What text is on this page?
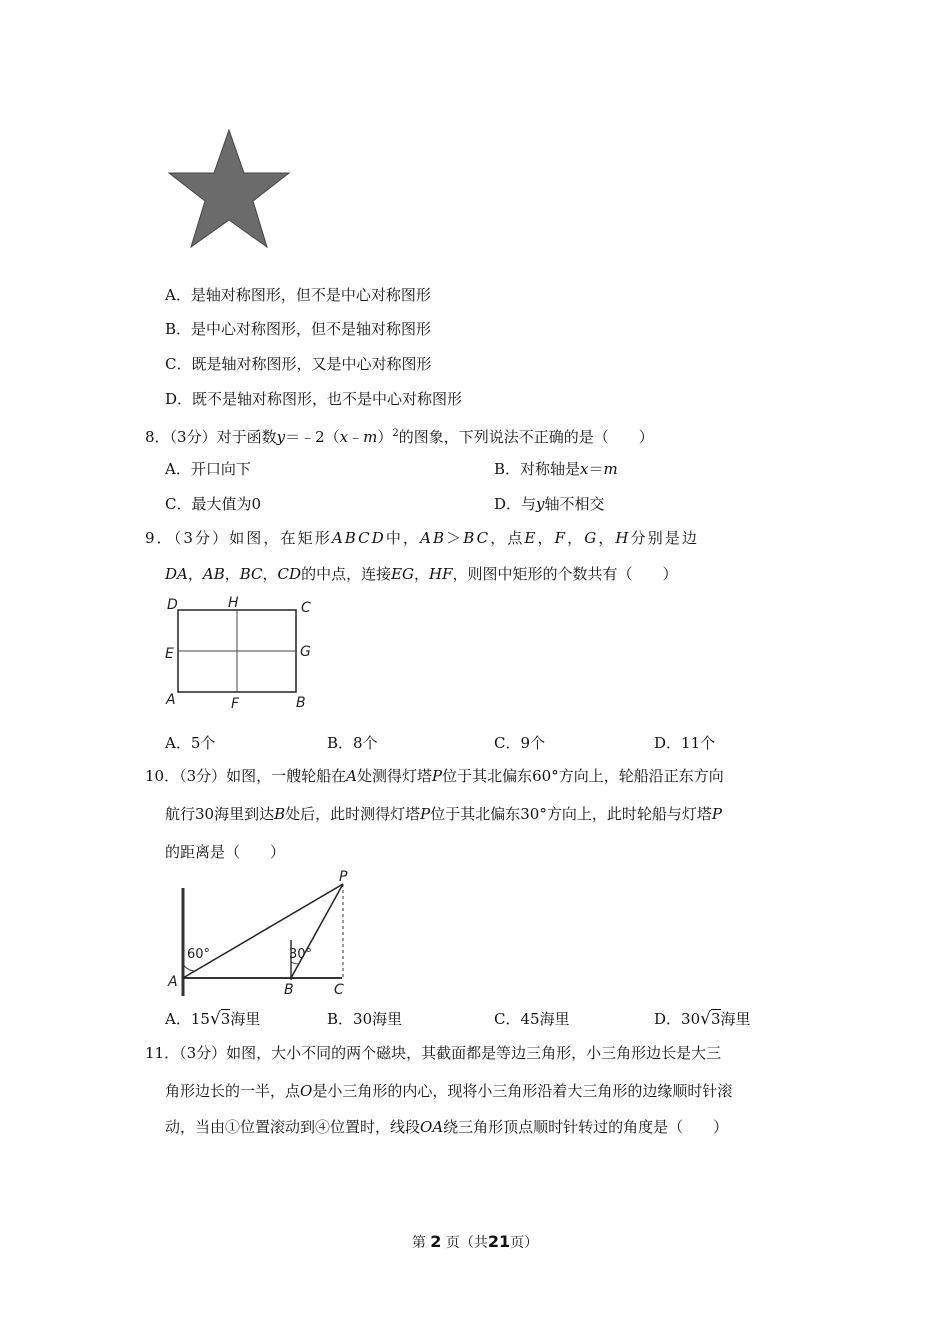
A．是轴对称图形，但不是中心对称图形
B．是中心对称图形，但不是轴对称图形
C．既是轴对称图形，又是中心对称图形
D．既不是轴对称图形，也不是中心对称图形
8．（3分）对于函数y＝﹣2（x﹣m）$^2$的图象，下列说法不正确的是（　　）
A．开口向下	B．对称轴是x＝m
C．最大值为0	D．与y轴不相交
9．（3分）如图，在矩形ABCD中，AB＞BC，点E，F，G，H分别是边
DA，AB，BC，CD的中点，连接EG，HF，则图中矩形的个数共有（　　）
D	H	C
E	G
A	F	B
A．5个	B．8个	C．9个	D．11个
10．（3分）如图，一艘轮船在A处测得灯塔P位于其北偏东60°方向上，轮船沿正东方向
航行30海里到达B处后，此时测得灯塔P位于其北偏东30°方向上，此时轮船与灯塔P
的距离是（　　）
60°	30°
P
A	B	C
A．15√3海里	B．30海里	C．45海里	D．30√3海里
11．（3分）如图，大小不同的两个磁块，其截面都是等边三角形，小三角形边长是大三
角形边长的一半，点O是小三角形的内心，现将小三角形沿着大三角形的边缘顺时针滚
动，当由①位置滚动到④位置时，线段OA绕三角形顶点顺时针转过的角度是（　　）
第 2 页（共21页）
